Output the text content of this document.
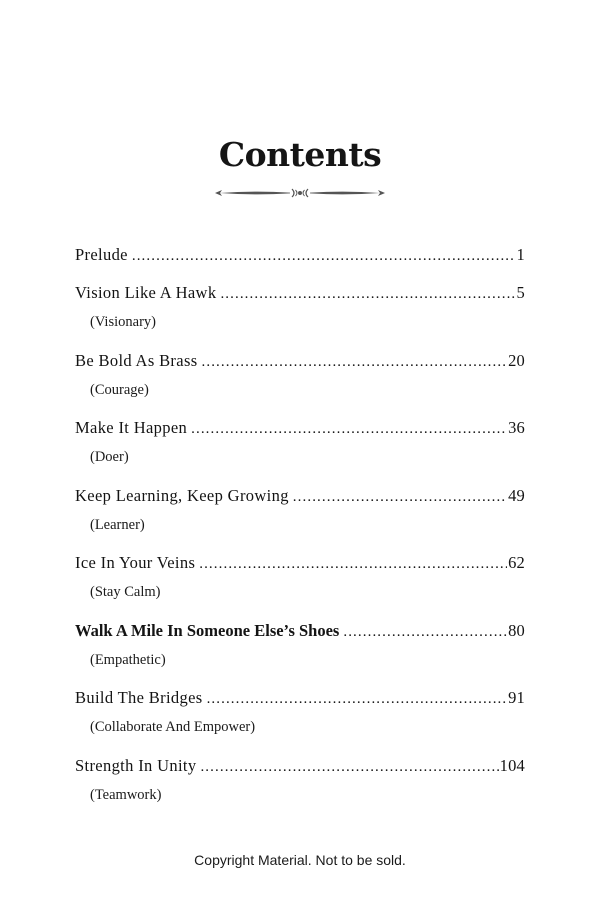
Contents
Prelude .....	1
Vision Like A Hawk .....	5
(Visionary)
Be Bold As Brass .....	20
(Courage)
Make It Happen .....	36
(Doer)
Keep Learning, Keep Growing .....	49
(Learner)
Ice In Your Veins .....	62
(Stay Calm)
Walk A Mile In Someone Else’s Shoes .....	80
(Empathetic)
Build The Bridges .....	91
(Collaborate And Empower)
Strength In Unity .....	104
(Teamwork)
Copyright Material. Not to be sold.
